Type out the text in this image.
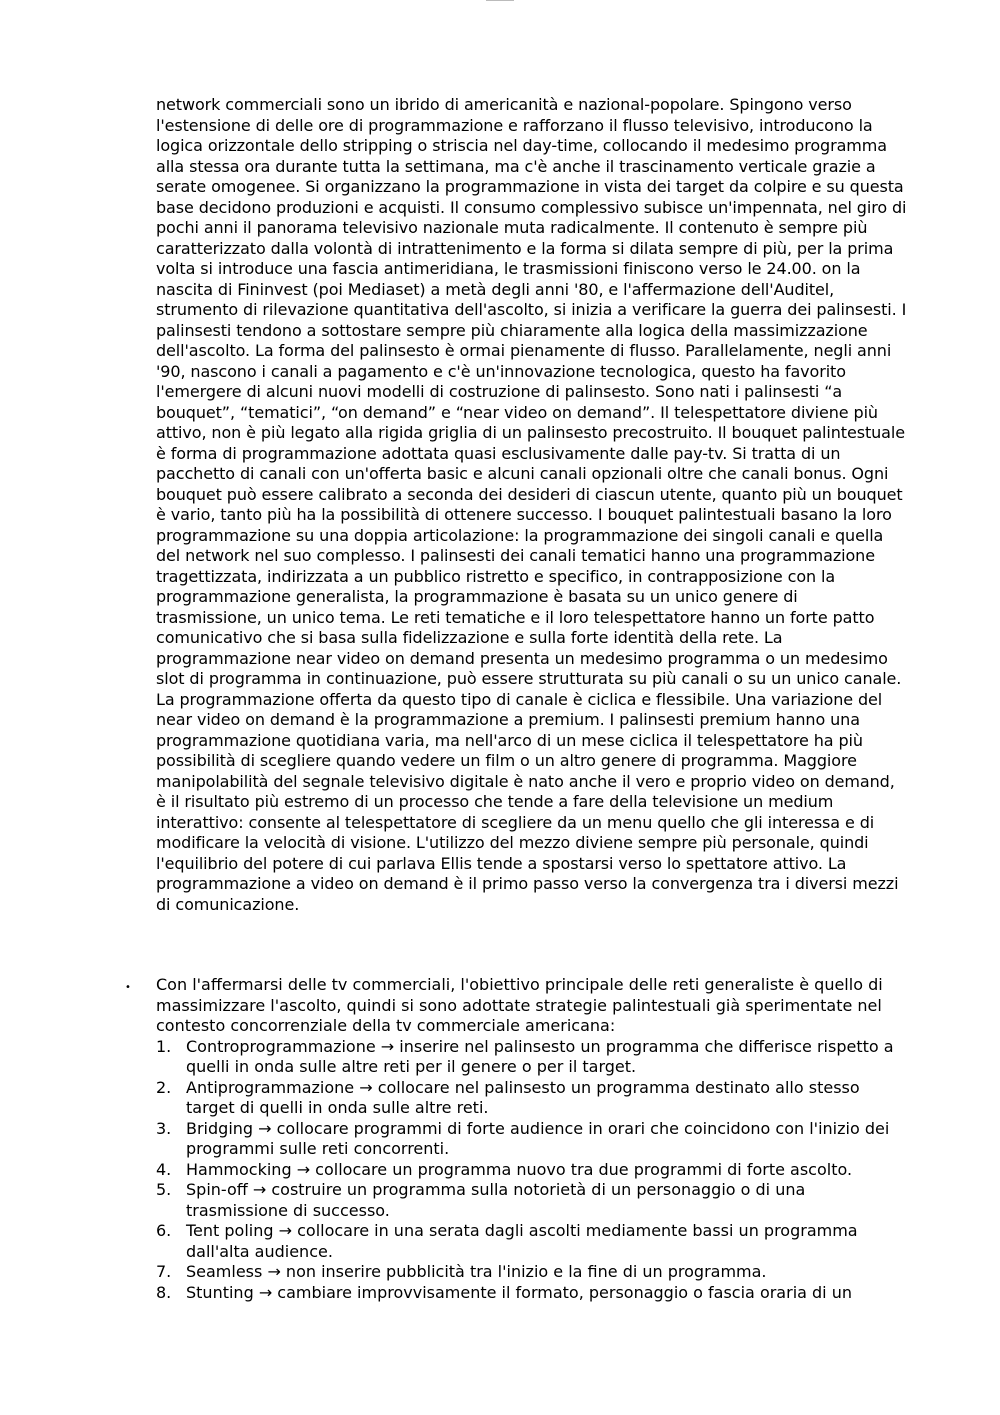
network commerciali sono un ibrido di americanità e nazional-popolare. Spingono verso l'estensione di delle ore di programmazione e rafforzano il flusso televisivo, introducono la logica orizzontale dello stripping o striscia nel day-time, collocando il medesimo programma alla stessa ora durante tutta la settimana, ma c'è anche il trascinamento verticale grazie a serate omogenee. Si organizzano la programmazione in vista dei target da colpire e su questa base decidono produzioni e acquisti. Il consumo complessivo subisce un'impennata, nel giro di pochi anni il panorama televisivo nazionale muta radicalmente. Il contenuto è sempre più caratterizzato dalla volontà di intrattenimento e la forma si dilata sempre di più, per la prima volta si introduce una fascia antimeridiana, le trasmissioni finiscono verso le 24.00. on la nascita di Fininvest (poi Mediaset) a metà degli anni '80, e l'affermazione dell'Auditel, strumento di rilevazione quantitativa dell'ascolto, si inizia a verificare la guerra dei palinsesti. I palinsesti tendono a sottostare sempre più chiaramente alla logica della massimizzazione dell'ascolto. La forma del palinsesto è ormai pienamente di flusso. Parallelamente, negli anni '90, nascono i canali a pagamento e c'è un'innovazione tecnologica, questo ha favorito l'emergere di alcuni nuovi modelli di costruzione di palinsesto. Sono nati i palinsesti “a bouquet”, “tematici”, “on demand” e “near video on demand”. Il telespettatore diviene più attivo, non è più legato alla rigida griglia di un palinsesto precostruito. Il bouquet palintestuale è forma di programmazione adottata quasi esclusivamente dalle pay-tv. Si tratta di un pacchetto di canali con un'offerta basic e alcuni canali opzionali oltre che canali bonus. Ogni bouquet può essere calibrato a seconda dei desideri di ciascun utente, quanto più un bouquet è vario, tanto più ha la possibilità di ottenere successo. I bouquet palintestuali basano la loro programmazione su una doppia articolazione: la programmazione dei singoli canali e quella del network nel suo complesso. I palinsesti dei canali tematici hanno una programmazione tragettizzata, indirizzata a un pubblico ristretto e specifico, in contrapposizione con la programmazione generalista, la programmazione è basata su un unico genere di trasmissione, un unico tema. Le reti tematiche e il loro telespettatore hanno un forte patto comunicativo che si basa sulla fidelizzazione e sulla forte identità della rete. La programmazione near video on demand presenta un medesimo programma o un medesimo slot di programma in continuazione, può essere strutturata su più canali o su un unico canale. La programmazione offerta da questo tipo di canale è ciclica e flessibile. Una variazione del near video on demand è la programmazione a premium. I palinsesti premium hanno una programmazione quotidiana varia, ma nell'arco di un mese ciclica il telespettatore ha più possibilità di scegliere quando vedere un film o un altro genere di programma. Maggiore manipolabilità del segnale televisivo digitale è nato anche il vero e proprio video on demand, è il risultato più estremo di un processo che tende a fare della televisione un medium interattivo: consente al telespettatore di scegliere da un menu quello che gli interessa e di modificare la velocità di visione. L'utilizzo del mezzo diviene sempre più personale, quindi l'equilibrio del potere di cui parlava Ellis tende a spostarsi verso lo spettatore attivo. La programmazione a video on demand è il primo passo verso la convergenza tra i diversi mezzi di comunicazione.

• Con l'affermarsi delle tv commerciali, l'obiettivo principale delle reti generaliste è quello di massimizzare l'ascolto, quindi si sono adottate strategie palintestuali già sperimentate nel contesto concorrenziale della tv commerciale americana:

1. Controprogrammazione → inserire nel palinsesto un programma che differisce rispetto a quelli in onda sulle altre reti per il genere o per il target.
2. Antiprogrammazione → collocare nel palinsesto un programma destinato allo stesso target di quelli in onda sulle altre reti.
3. Bridging → collocare programmi di forte audience in orari che coincidono con l'inizio dei programmi sulle reti concorrenti.
4. Hammocking → collocare un programma nuovo tra due programmi di forte ascolto.
5. Spin-off → costruire un programma sulla notorietà di un personaggio o di una trasmissione di successo.
6. Tent poling → collocare in una serata dagli ascolti mediamente bassi un programma dall'alta audience.
7. Seamless → non inserire pubblicità tra l'inizio e la fine di un programma.
8. Stunting → cambiare improvvisamente il formato, personaggio o fascia oraria di un
